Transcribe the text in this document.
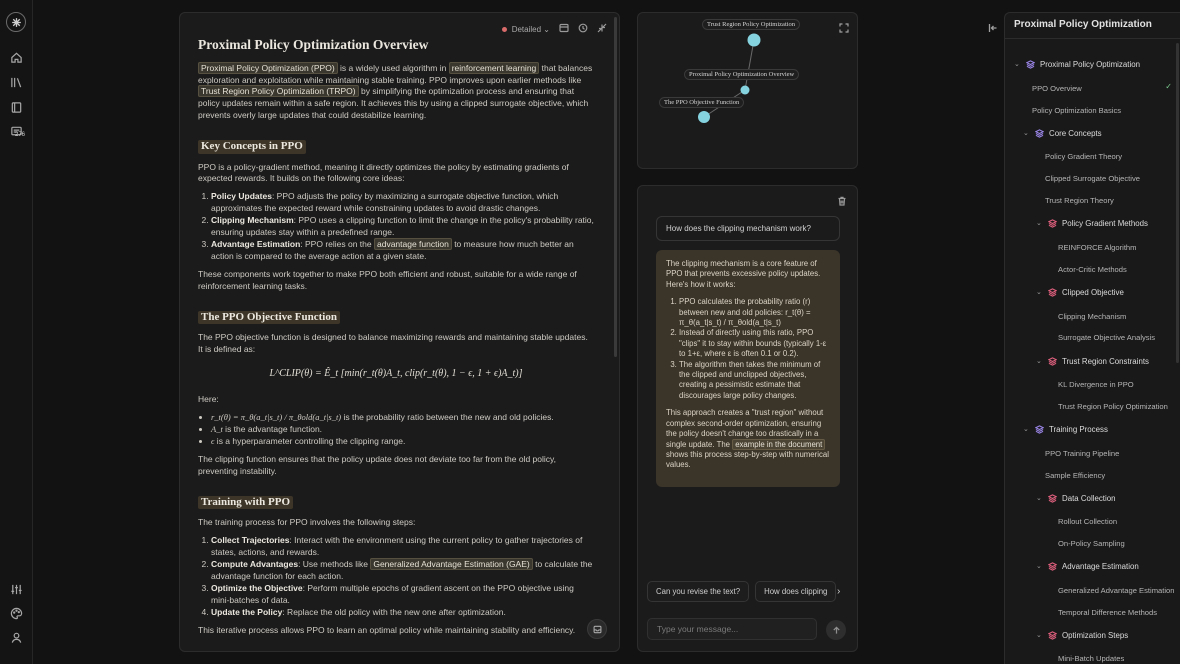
276
Detailed ⌄
Proximal Policy Optimization Overview

Proximal Policy Optimization (PPO) is a widely used algorithm in reinforcement learning that balances exploration and exploitation while maintaining stable training. PPO improves upon earlier methods like Trust Region Policy Optimization (TRPO) by simplifying the optimization process and ensuring that policy updates remain within a safe region. It achieves this by using a clipped surrogate objective, which prevents overly large updates that could destabilize learning.

Key Concepts in PPO

PPO is a policy-gradient method, meaning it directly optimizes the policy by estimating gradients of expected rewards. It builds on the following core ideas:

1. Policy Updates: PPO adjusts the policy by maximizing a surrogate objective function, which approximates the expected reward while constraining updates to avoid drastic changes.
2. Clipping Mechanism: PPO uses a clipping function to limit the change in the policy's probability ratio, ensuring updates stay within a predefined range.
3. Advantage Estimation: PPO relies on the advantage function to measure how much better an action is compared to the average action at a given state.

These components work together to make PPO both efficient and robust, suitable for a wide range of reinforcement learning tasks.

The PPO Objective Function

The PPO objective function is designed to balance maximizing rewards and maintaining stable updates. It is defined as:

L^CLIP(θ) = Ê_t [min(r_t(θ)A_t, clip(r_t(θ), 1 − ϵ, 1 + ϵ)A_t)]

Here:

• r_t(θ) = π_θ(a_t|s_t) / π_θold(a_t|s_t) is the probability ratio between the new and old policies.
• A_t is the advantage function.
• ϵ is a hyperparameter controlling the clipping range.

The clipping function ensures that the policy update does not deviate too far from the old policy, preventing instability.

Training with PPO

The training process for PPO involves the following steps:

1. Collect Trajectories: Interact with the environment using the current policy to gather trajectories of states, actions, and rewards.
2. Compute Advantages: Use methods like Generalized Advantage Estimation (GAE) to calculate the advantage function for each action.
3. Optimize the Objective: Perform multiple epochs of gradient ascent on the PPO objective using mini-batches of data.
4. Update the Policy: Replace the old policy with the new one after optimization.

This iterative process allows PPO to learn an optimal policy while maintaining stability and efficiency.

Trust Region Policy Optimization
Proximal Policy Optimization Overview
The PPO Objective Function
How does the clipping mechanism work?

The clipping mechanism is a core feature of PPO that prevents excessive policy updates. Here's how it works:

1. PPO calculates the probability ratio (r) between new and old policies: r_t(θ) = π_θ(a_t|s_t) / π_θold(a_t|s_t)
2. Instead of directly using this ratio, PPO "clips" it to stay within bounds (typically 1-ε to 1+ε, where ε is often 0.1 or 0.2).
3. The algorithm then takes the minimum of the clipped and unclipped objectives, creating a pessimistic estimate that discourages large policy changes.

This approach creates a "trust region" without complex second-order optimization, ensuring the policy doesn't change too drastically in a single update. The example in the document shows this process step-by-step with numerical values.

Can you revise the text?	How does clipping ›
Type your message...
Proximal Policy Optimization
⌄	Proximal Policy Optimization
PPO Overview	✓
Policy Optimization Basics
⌄	Core Concepts
Policy Gradient Theory
Clipped Surrogate Objective
Trust Region Theory
⌄	Policy Gradient Methods
REINFORCE Algorithm
Actor-Critic Methods
⌄	Clipped Objective
Clipping Mechanism
Surrogate Objective Analysis
⌄	Trust Region Constraints
KL Divergence in PPO
Trust Region Policy Optimization
⌄	Training Process
PPO Training Pipeline
Sample Efficiency
⌄	Data Collection
Rollout Collection
On-Policy Sampling
⌄	Advantage Estimation
Generalized Advantage Estimation
Temporal Difference Methods
⌄	Optimization Steps
Mini-Batch Updates
